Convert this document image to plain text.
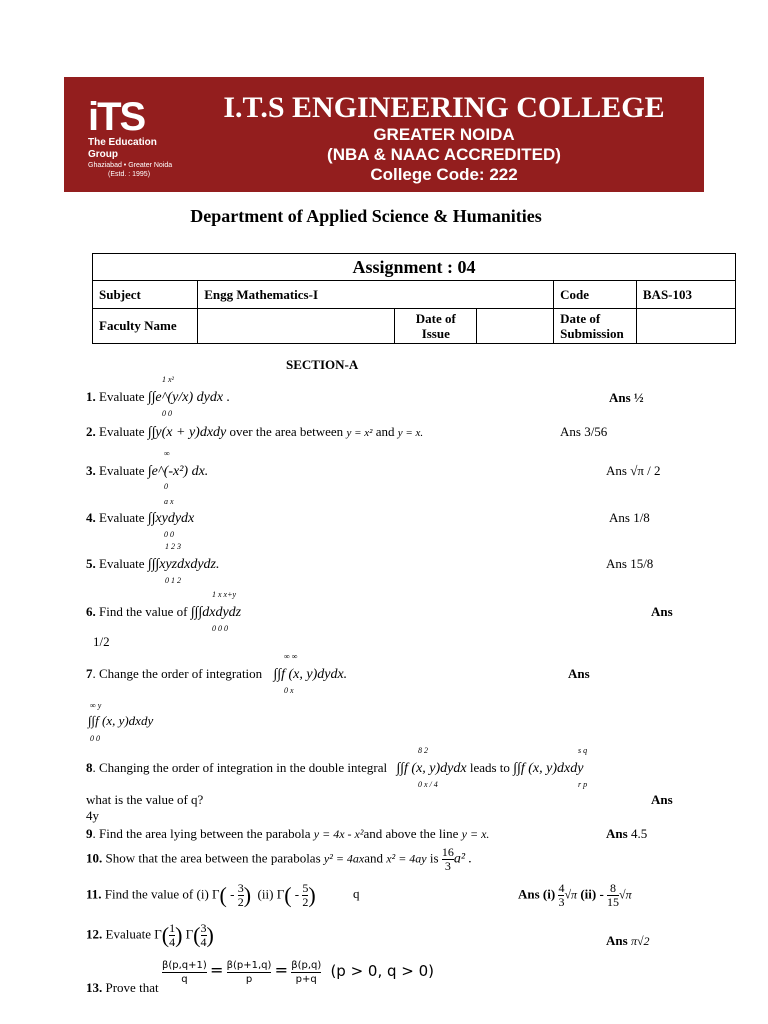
iTS
The Education Group
Ghaziabad • Greater Noida
(Estd. : 1995)
I.T.S ENGINEERING COLLEGE
GREATER NOIDA
(NBA & NAAC ACCREDITED)
College Code: 222
Department of Applied Science & Humanities
Assignment : 04					
Subject	Engg Mathematics-I			Code	BAS-103
Faculty Name		Date of Issue		Date of Submission	
SECTION-A
1 x²
1. Evaluate ∫∫e^(y/x) dydx .
0 0
Ans ½
2. Evaluate ∫∫y(x + y)dxdy over the area between y = x² and y = x.	Ans 3/56
∞
3. Evaluate ∫e^(-x²) dx.
0
Ans √π / 2
a x
4. Evaluate ∫∫xydydx
0 0
Ans 1/8
1 2 3
5. Evaluate ∫∫∫xyzdxdydz.
0 1 2
Ans 15/8
1 x x+y
6. Find the value of ∫∫∫dxdydz
0 0 0
Ans
1/2
∞ ∞
7. Change the order of integration ∫∫f (x, y)dydx.
0 x
Ans
∞ y
∫∫f (x, y)dxdy
0 0
8 2	s q
8. Changing the order of integration in the double integral ∫∫f (x, y)dydx leads to ∫∫f (x, y)dxdy
0 x / 4	r p
what is the value of q?	Ans
4y
9. Find the area lying between the parabola y = 4x - x²and above the line y = x.	Ans 4.5
10. Show that the area between the parabolas y² = 4axand x² = 4ay is $\frac{16}{3} a^2$ .
11. Find the value of (i) $\Gamma( - \frac{3}{2}$ ) (ii) $\Gamma( - \frac{5}{2}$ )	q	Ans $(i) \frac{4}{3} √\pi$ $(ii) - \frac{8}{15} √\pi$
12. Evaluate $\Gamma( \frac{1}{4}$ ) $\Gamma( \frac{3}{4}$ )	Ans π√2
$\frac{\beta(p,q+1)}{q} = \frac{\beta(p+1,q)}{p} = \frac{\beta(p,q)}{p+q} (p > 0$, q > 0)
13. Prove that
